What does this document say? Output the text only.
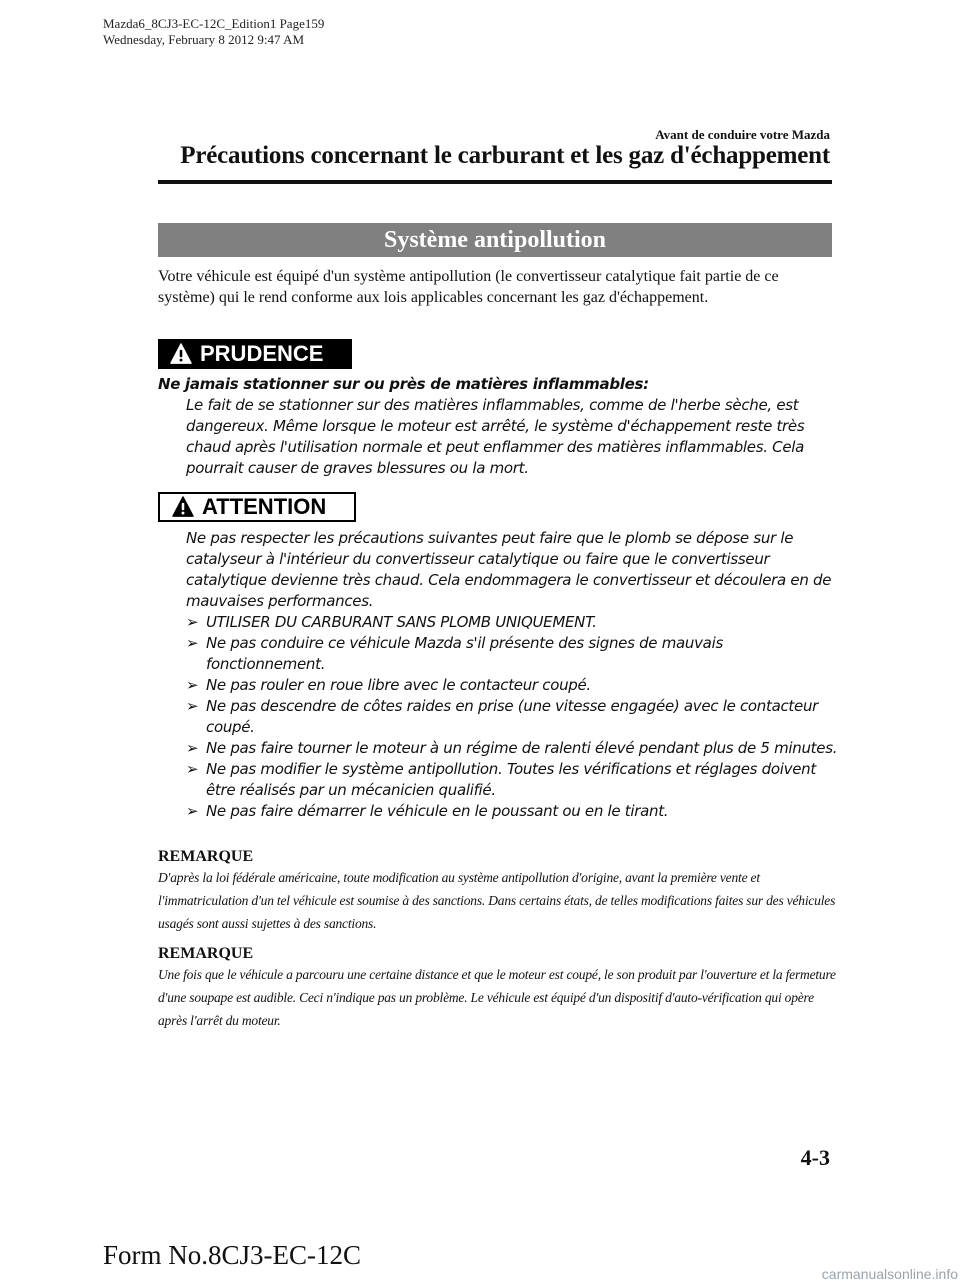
Mazda6_8CJ3-EC-12C_Edition1 Page159
Wednesday, February 8 2012 9:47 AM
Avant de conduire votre Mazda
Précautions concernant le carburant et les gaz d'échappement
Système antipollution
Votre véhicule est équipé d'un système antipollution (le convertisseur catalytique fait partie de ce système) qui le rend conforme aux lois applicables concernant les gaz d'échappement.
PRUDENCE
Ne jamais stationner sur ou près de matières inflammables:
Le fait de se stationner sur des matières inflammables, comme de l'herbe sèche, est dangereux. Même lorsque le moteur est arrêté, le système d'échappement reste très chaud après l'utilisation normale et peut enflammer des matières inflammables. Cela pourrait causer de graves blessures ou la mort.
ATTENTION
Ne pas respecter les précautions suivantes peut faire que le plomb se dépose sur le catalyseur à l'intérieur du convertisseur catalytique ou faire que le convertisseur catalytique devienne très chaud. Cela endommagera le convertisseur et découlera en de mauvaises performances.
➢ UTILISER DU CARBURANT SANS PLOMB UNIQUEMENT.
➢ Ne pas conduire ce véhicule Mazda s'il présente des signes de mauvais fonctionnement.
➢ Ne pas rouler en roue libre avec le contacteur coupé.
➢ Ne pas descendre de côtes raides en prise (une vitesse engagée) avec le contacteur coupé.
➢ Ne pas faire tourner le moteur à un régime de ralenti élevé pendant plus de 5 minutes.
➢ Ne pas modifier le système antipollution. Toutes les vérifications et réglages doivent être réalisés par un mécanicien qualifié.
➢ Ne pas faire démarrer le véhicule en le poussant ou en le tirant.
REMARQUE
D'après la loi fédérale américaine, toute modification au système antipollution d'origine, avant la première vente et l'immatriculation d'un tel véhicule est soumise à des sanctions. Dans certains états, de telles modifications faites sur des véhicules usagés sont aussi sujettes à des sanctions.
REMARQUE
Une fois que le véhicule a parcouru une certaine distance et que le moteur est coupé, le son produit par l'ouverture et la fermeture d'une soupape est audible. Ceci n'indique pas un problème. Le véhicule est équipé d'un dispositif d'auto-vérification qui opère après l'arrêt du moteur.
4-3
Form No.8CJ3-EC-12C
carmanualsonline.info
